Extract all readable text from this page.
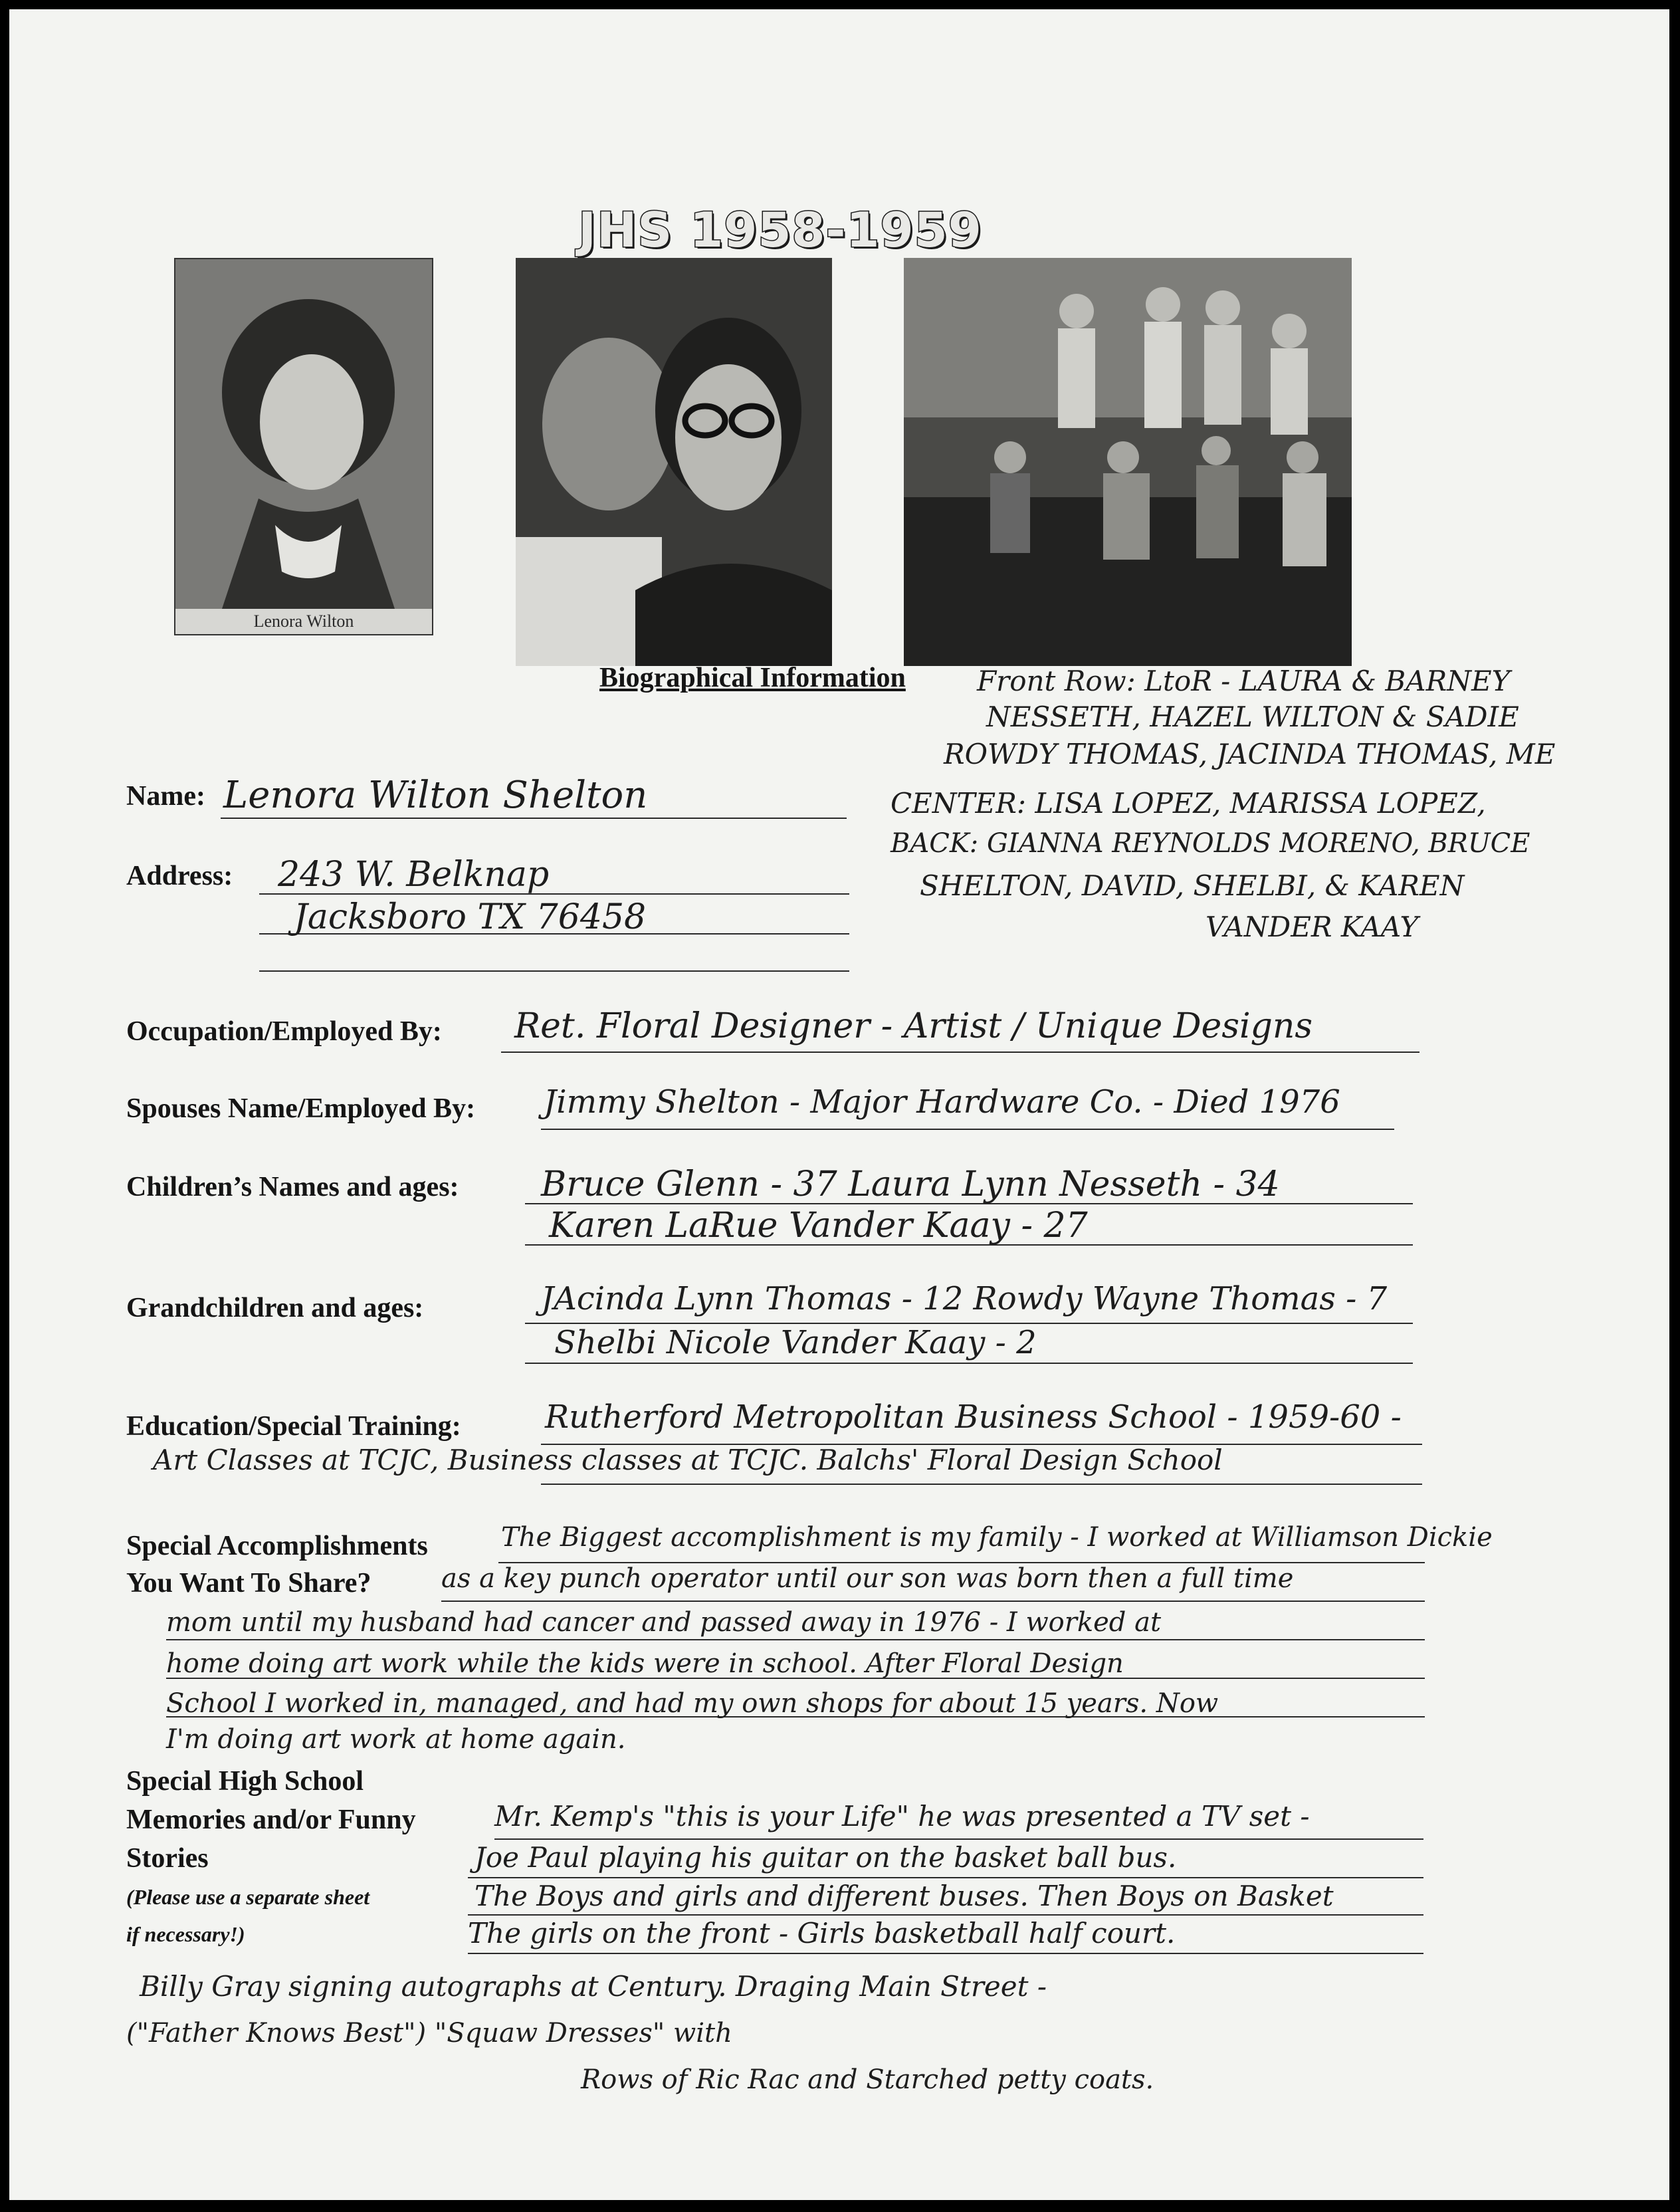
JHS 1958-1959
Lenora Wilton
Biographical Information	Front Row: LtoR - LAURA & BARNEY
NESSETH, HAZEL WILTON & SADIE
ROWDY THOMAS, JACINDA THOMAS, ME
CENTER: LISA LOPEZ, MARISSA LOPEZ,
BACK: GIANNA REYNOLDS MORENO, BRUCE
SHELTON, DAVID, SHELBI, & KAREN
VANDER KAAY
Name: Lenora Wilton Shelton
Address: 243 W. Belknap
Jacksboro TX 76458
Occupation/Employed By: Ret. Floral Designer - Artist / Unique Designs
Spouses Name/Employed By: Jimmy Shelton - Major Hardware Co. - Died 1976
Children’s Names and ages: Bruce Glenn - 37 Laura Lynn Nesseth - 34
Karen LaRue Vander Kaay - 27
Grandchildren and ages:	JAcinda Lynn Thomas - 12 Rowdy Wayne Thomas - 7
Shelbi Nicole Vander Kaay - 2
Education/Special Training:	Rutherford Metropolitan Business School - 1959-60 -
Art Classes at TCJC, Business classes at TCJC. Balchs' Floral Design School
Special Accomplishments
You Want To Share?
The Biggest accomplishment is my family - I worked at Williamson Dickie
as a key punch operator until our son was born then a full time
mom until my husband had cancer and passed away in 1976 - I worked at
home doing art work while the kids were in school. After Floral Design
School I worked in, managed, and had my own shops for about 15 years. Now
I'm doing art work at home again.
Special High School
Memories and/or Funny
Stories
(Please use a separate sheet
if necessary!)
Mr. Kemp's "this is your Life" he was presented a TV set -
Joe Paul playing his guitar on the basket ball bus.
The Boys and girls and different buses. Then Boys on Basket
The girls on the front - Girls basketball half court.
Billy Gray signing autographs at Century. Draging Main Street -
("Father Knows Best") "Squaw Dresses" with
Rows of Ric Rac and Starched petty coats.
